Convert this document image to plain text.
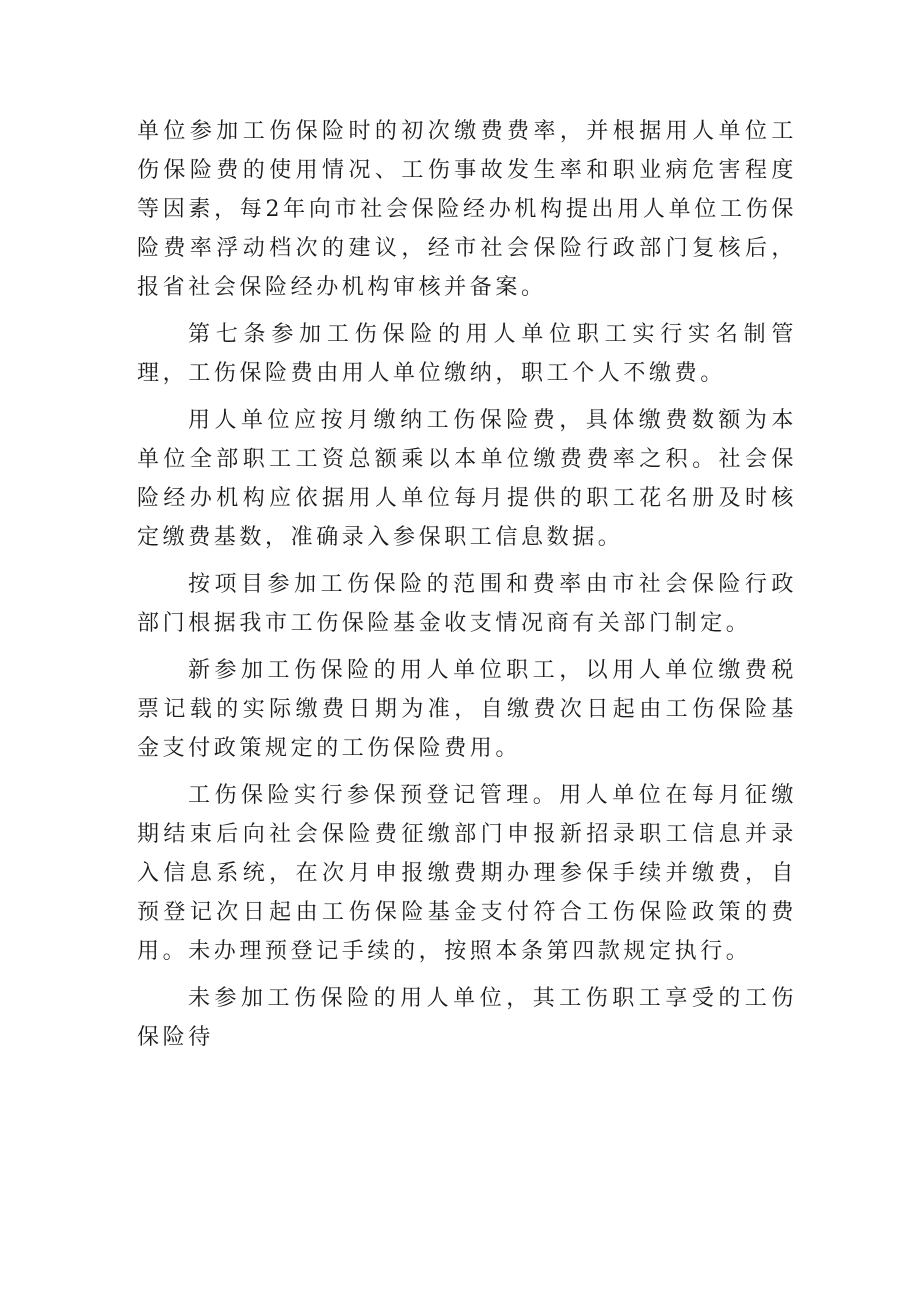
单位参加工伤保险时的初次缴费费率，并根据用人单位工伤保险费的使用情况、工伤事故发生率和职业病危害程度等因素，每2年向市社会保险经办机构提出用人单位工伤保险费率浮动档次的建议，经市社会保险行政部门复核后，报省社会保险经办机构审核并备案。

第七条参加工伤保险的用人单位职工实行实名制管理，工伤保险费由用人单位缴纳，职工个人不缴费。

用人单位应按月缴纳工伤保险费，具体缴费数额为本单位全部职工工资总额乘以本单位缴费费率之积。社会保险经办机构应依据用人单位每月提供的职工花名册及时核定缴费基数，准确录入参保职工信息数据。

按项目参加工伤保险的范围和费率由市社会保险行政部门根据我市工伤保险基金收支情况商有关部门制定。

新参加工伤保险的用人单位职工，以用人单位缴费税票记载的实际缴费日期为准，自缴费次日起由工伤保险基金支付政策规定的工伤保险费用。

工伤保险实行参保预登记管理。用人单位在每月征缴期结束后向社会保险费征缴部门申报新招录职工信息并录入信息系统，在次月申报缴费期办理参保手续并缴费，自预登记次日起由工伤保险基金支付符合工伤保险政策的费用。未办理预登记手续的，按照本条第四款规定执行。

未参加工伤保险的用人单位，其工伤职工享受的工伤保险待
